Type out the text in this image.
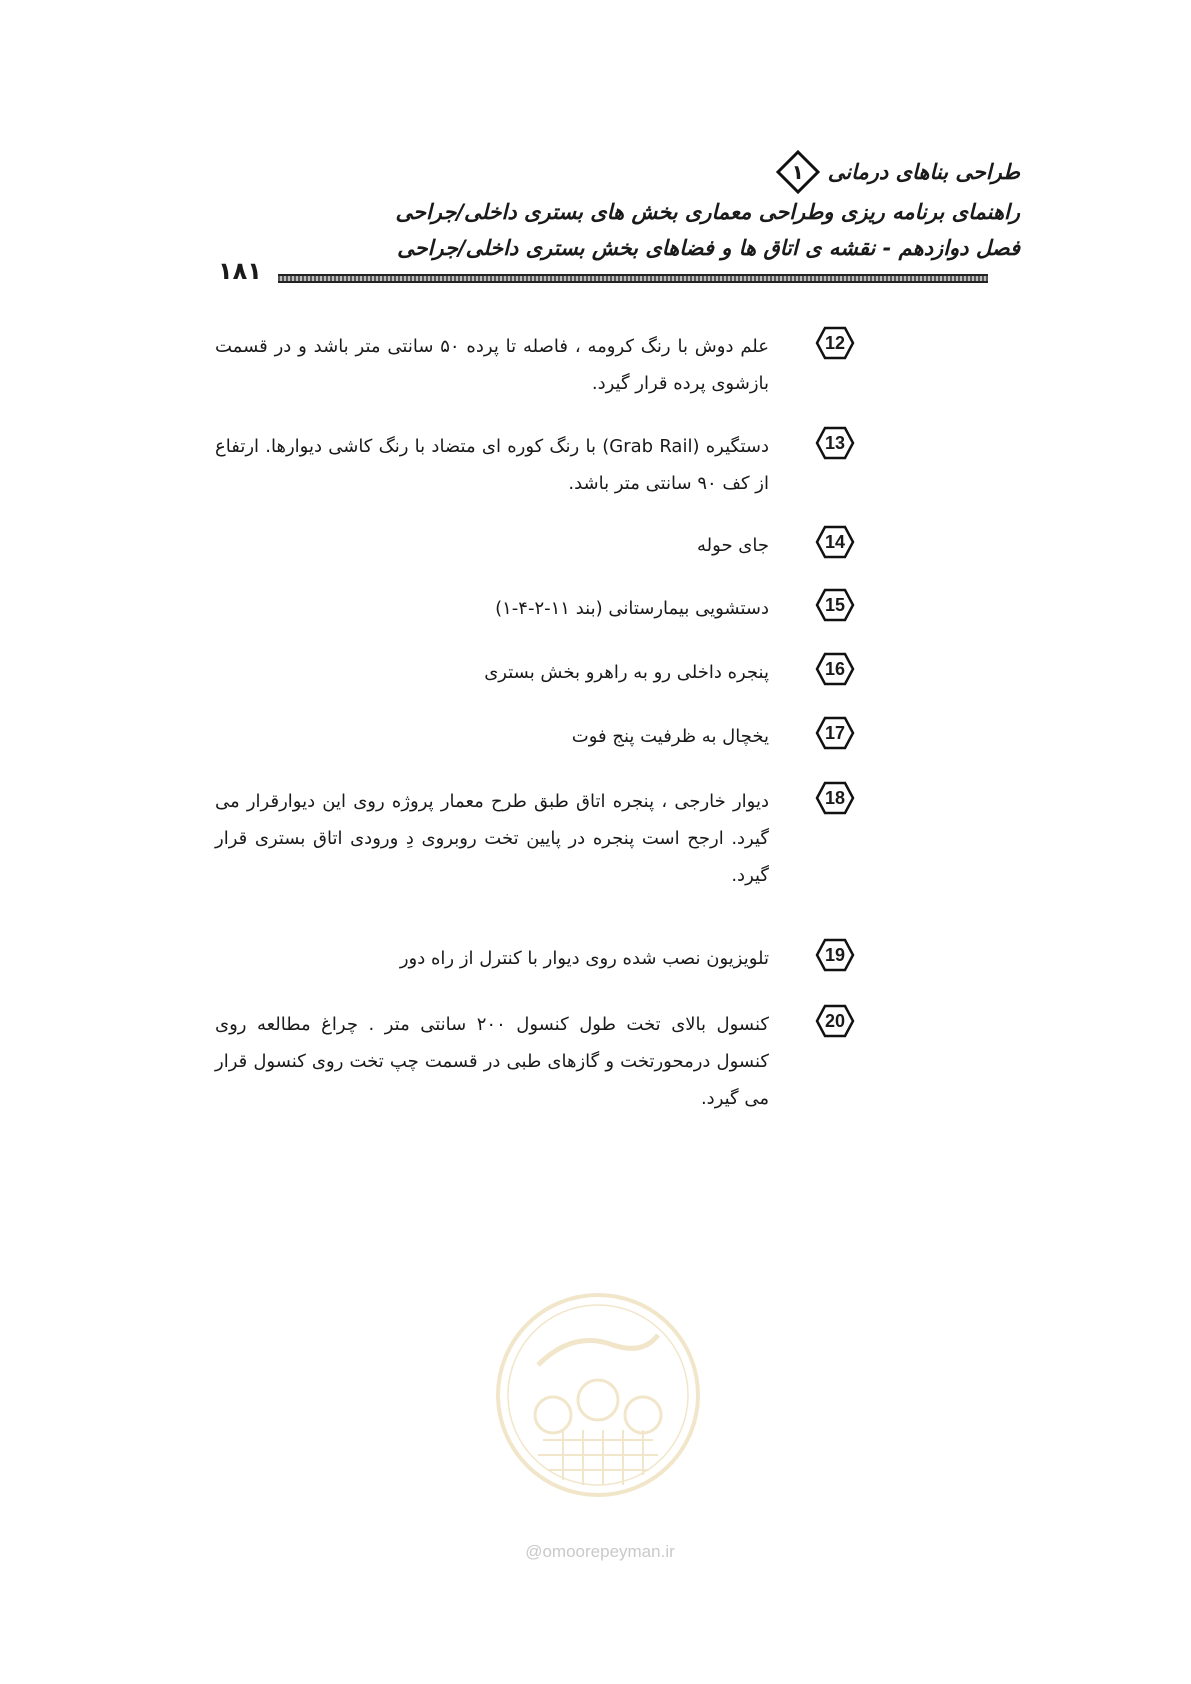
طراحی بناهای درمانی
۱
راهنمای برنامه ریزی وطراحی معماری بخش های بستری داخلی/جراحی
فصل دوازدهم - نقشه ی اتاق ها و فضاهای بخش بستری داخلی/جراحی
۱۸۱
12
علم دوش با رنگ کرومه ، فاصله تا پرده ۵۰ سانتی متر باشد و در قسمت بازشوی پرده قرار گیرد.
13
دستگیره (Grab Rail) با رنگ کوره ای متضاد با رنگ کاشی دیوارها. ارتفاع از کف ۹۰ سانتی متر باشد.
14
جای حوله
15
دستشویی بیمارستانی (بند ۱۱-۲-۴-۱)
16
پنجره داخلی رو به راهرو بخش بستری
17
یخچال به ظرفیت پنج فوت
18
دیوار خارجی ، پنجره اتاق طبق طرح معمار پروژه روی این دیوارقرار می گیرد. ارجح است پنجره در پایین تخت روبروی دِ ورودی اتاق بستری قرار گیرد.
19
تلویزیون نصب شده روی دیوار با کنترل از راه دور
20
کنسول بالای تخت طول کنسول ۲۰۰ سانتی متر . چراغ مطالعه روی کنسول درمحورتخت و گازهای طبی در قسمت چپ تخت روی کنسول قرار می گیرد.
@omoorepeyman.ir
